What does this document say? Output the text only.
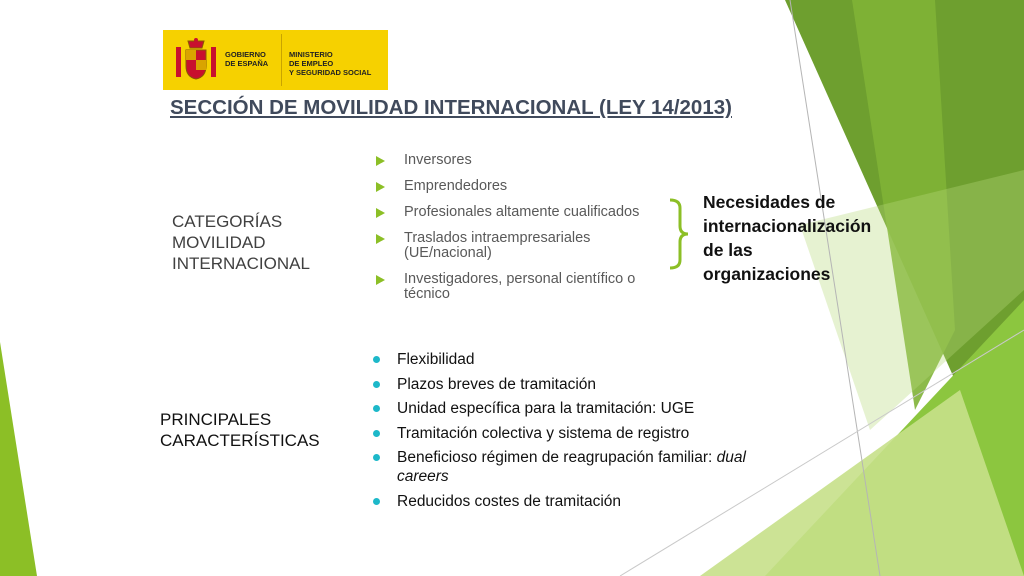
GOBIERNO
DE ESPAÑA
MINISTERIO
DE EMPLEO
Y SEGURIDAD SOCIAL
SECCIÓN DE MOVILIDAD INTERNACIONAL (LEY 14/2013)
CATEGORÍAS
MOVILIDAD
INTERNACIONAL
Inversores
Emprendedores
Profesionales altamente cualificados
Traslados intraempresariales (UE/nacional)
Investigadores, personal científico o técnico
Necesidades de
internacionalización
de las
organizaciones
PRINCIPALES
CARACTERÍSTICAS
Flexibilidad
Plazos breves de tramitación
Unidad específica para la tramitación: UGE
Tramitación colectiva y sistema de registro
Beneficioso régimen de reagrupación familiar: dual careers
Reducidos costes de tramitación
